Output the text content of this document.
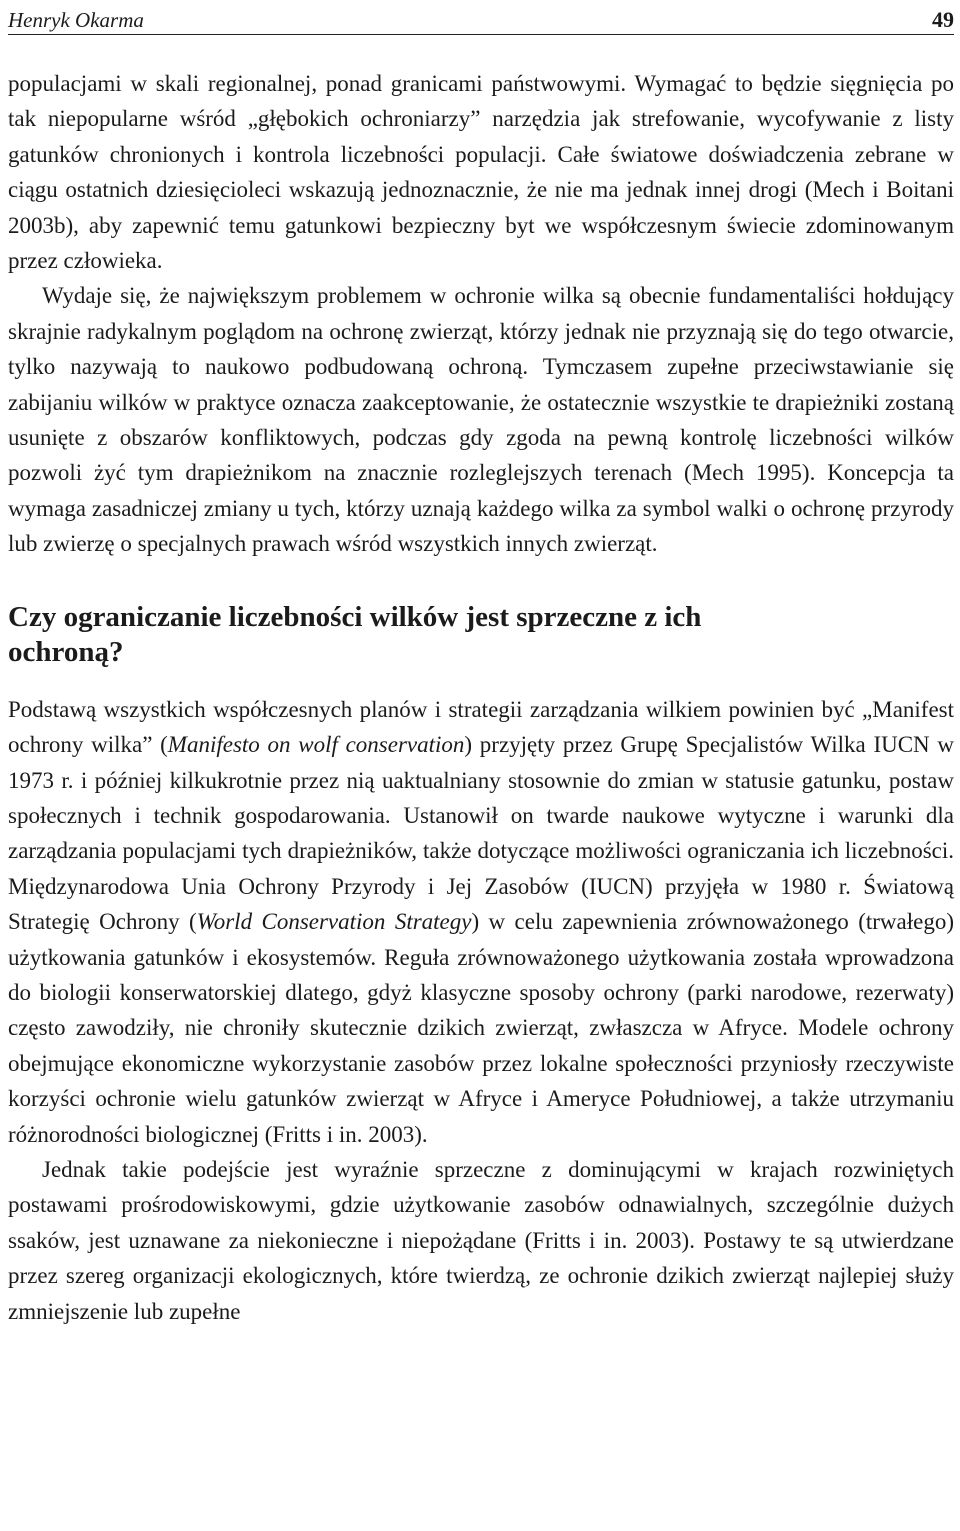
Henryk Okarma	49

populacjami w skali regionalnej, ponad granicami państwowymi. Wymagać to będzie sięgnięcia po tak niepopularne wśród „głębokich ochroniarzy” narzędzia jak strefowanie, wycofywanie z listy gatunków chronionych i kontrola liczebności populacji. Całe światowe doświadczenia zebrane w ciągu ostatnich dziesięcioleci wskazują jednoznacznie, że nie ma jednak innej drogi (Mech i Boitani 2003b), aby zapewnić temu gatunkowi bezpieczny byt we współczesnym świecie zdominowanym przez człowieka.

Wydaje się, że największym problemem w ochronie wilka są obecnie fundamentaliści hołdujący skrajnie radykalnym poglądom na ochronę zwierząt, którzy jednak nie przyznają się do tego otwarcie, tylko nazywają to naukowo podbudowaną ochroną. Tymczasem zupełne przeciwstawianie się zabijaniu wilków w praktyce oznacza zaakceptowanie, że ostatecznie wszystkie te drapieżniki zostaną usunięte z obszarów konfliktowych, podczas gdy zgoda na pewną kontrolę liczebności wilków pozwoli żyć tym drapieżnikom na znacznie rozleglejszych terenach (Mech 1995). Koncepcja ta wymaga zasadniczej zmiany u tych, którzy uznają każdego wilka za symbol walki o ochronę przyrody lub zwierzę o specjalnych prawach wśród wszystkich innych zwierząt.

Czy ograniczanie liczebności wilków jest sprzeczne z ich ochroną?

Podstawą wszystkich współczesnych planów i strategii zarządzania wilkiem powinien być „Manifest ochrony wilka” (Manifesto on wolf conservation) przyjęty przez Grupę Specjalistów Wilka IUCN w 1973 r. i później kilkukrotnie przez nią uaktualniany stosownie do zmian w statusie gatunku, postaw społecznych i technik gospodarowania. Ustanowił on twarde naukowe wytyczne i warunki dla zarządzania populacjami tych drapieżników, także dotyczące możliwości ograniczania ich liczebności. Międzynarodowa Unia Ochrony Przyrody i Jej Zasobów (IUCN) przyjęła w 1980 r. Światową Strategię Ochrony (World Conservation Strategy) w celu zapewnienia zrównoważonego (trwałego) użytkowania gatunków i ekosystemów. Reguła zrównoważonego użytkowania została wprowadzona do biologii konserwatorskiej dlatego, gdyż klasyczne sposoby ochrony (parki narodowe, rezerwaty) często zawodziły, nie chroniły skutecznie dzikich zwierząt, zwłaszcza w Afryce. Modele ochrony obejmujące ekonomiczne wykorzystanie zasobów przez lokalne społeczności przyniosły rzeczywiste korzyści ochronie wielu gatunków zwierząt w Afryce i Ameryce Południowej, a także utrzymaniu różnorodności biologicznej (Fritts i in. 2003).

Jednak takie podejście jest wyraźnie sprzeczne z dominującymi w krajach rozwiniętych postawami prośrodowiskowymi, gdzie użytkowanie zasobów odnawialnych, szczególnie dużych ssaków, jest uznawane za niekonieczne i niepożądane (Fritts i in. 2003). Postawy te są utwierdzane przez szereg organizacji ekologicznych, które twierdzą, ze ochronie dzikich zwierząt najlepiej służy zmniejszenie lub zupełne
